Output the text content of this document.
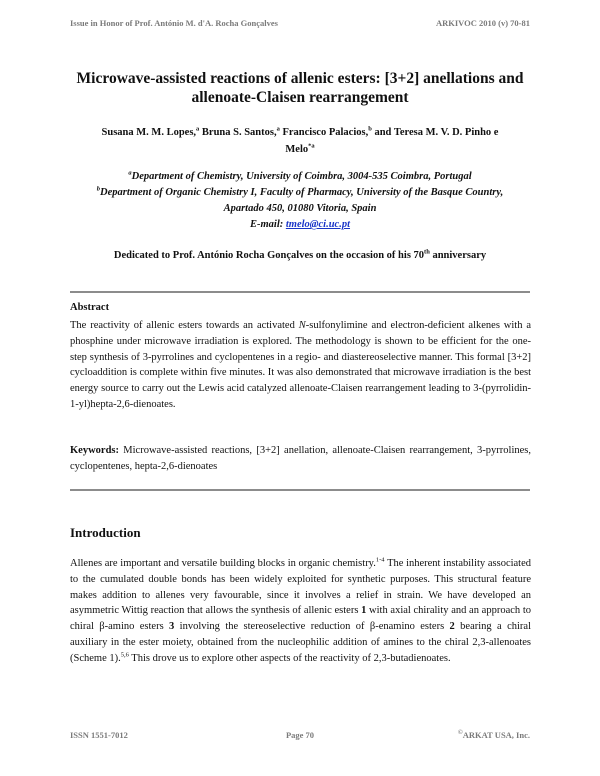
Issue in Honor of Prof. António M. d'A. Rocha Gonçalves	ARKIVOC 2010 (v) 70-81
Microwave-assisted reactions of allenic esters: [3+2] anellations and
allenoate-Claisen rearrangement
Susana M. M. Lopes,$^a$ Bruna S. Santos,$^a$ Francisco Palacios,$^b$ and Teresa M. V. D. Pinho e
Melo$^{*a}$
$^a$Department of Chemistry, University of Coimbra, 3004-535 Coimbra, Portugal
$^b$Department of Organic Chemistry I, Faculty of Pharmacy, University of the Basque Country,
Apartado 450, 01080 Vitoria, Spain
E-mail: tmelo@ci.uc.pt
Dedicated to Prof. António Rocha Gonçalves on the occasion of his 70th anniversary
Abstract
The reactivity of allenic esters towards an activated N-sulfonylimine and electron-deficient alkenes with a phosphine under microwave irradiation is explored. The methodology is shown to be efficient for the one-step synthesis of 3-pyrrolines and cyclopentenes in a regio- and diastereoselective manner. This formal [3+2] cycloaddition is complete within five minutes. It was also demonstrated that microwave irradiation is the best energy source to carry out the Lewis acid catalyzed allenoate-Claisen rearrangement leading to 3-(pyrrolidin-1-yl)hepta-2,6-dienoates.
Keywords: Microwave-assisted reactions, [3+2] anellation, allenoate-Claisen rearrangement, 3-pyrrolines, cyclopentenes, hepta-2,6-dienoates
Introduction
Allenes are important and versatile building blocks in organic chemistry.$^{1-4}$ The inherent instability associated to the cumulated double bonds has been widely exploited for synthetic purposes. This structural feature makes addition to allenes very favourable, since it involves a relief in strain. We have developed an asymmetric Wittig reaction that allows the synthesis of allenic esters 1 with axial chirality and an approach to chiral β-amino esters 3 involving the stereoselective reduction of β-enamino esters 2 bearing a chiral auxiliary in the ester moiety, obtained from the nucleophilic addition of amines to the chiral 2,3-allenoates (Scheme 1).$^{5,6}$ This drove us to explore other aspects of the reactivity of 2,3-butadienoates.
ISSN 1551-7012	Page 70	©ARKAT USA, Inc.
